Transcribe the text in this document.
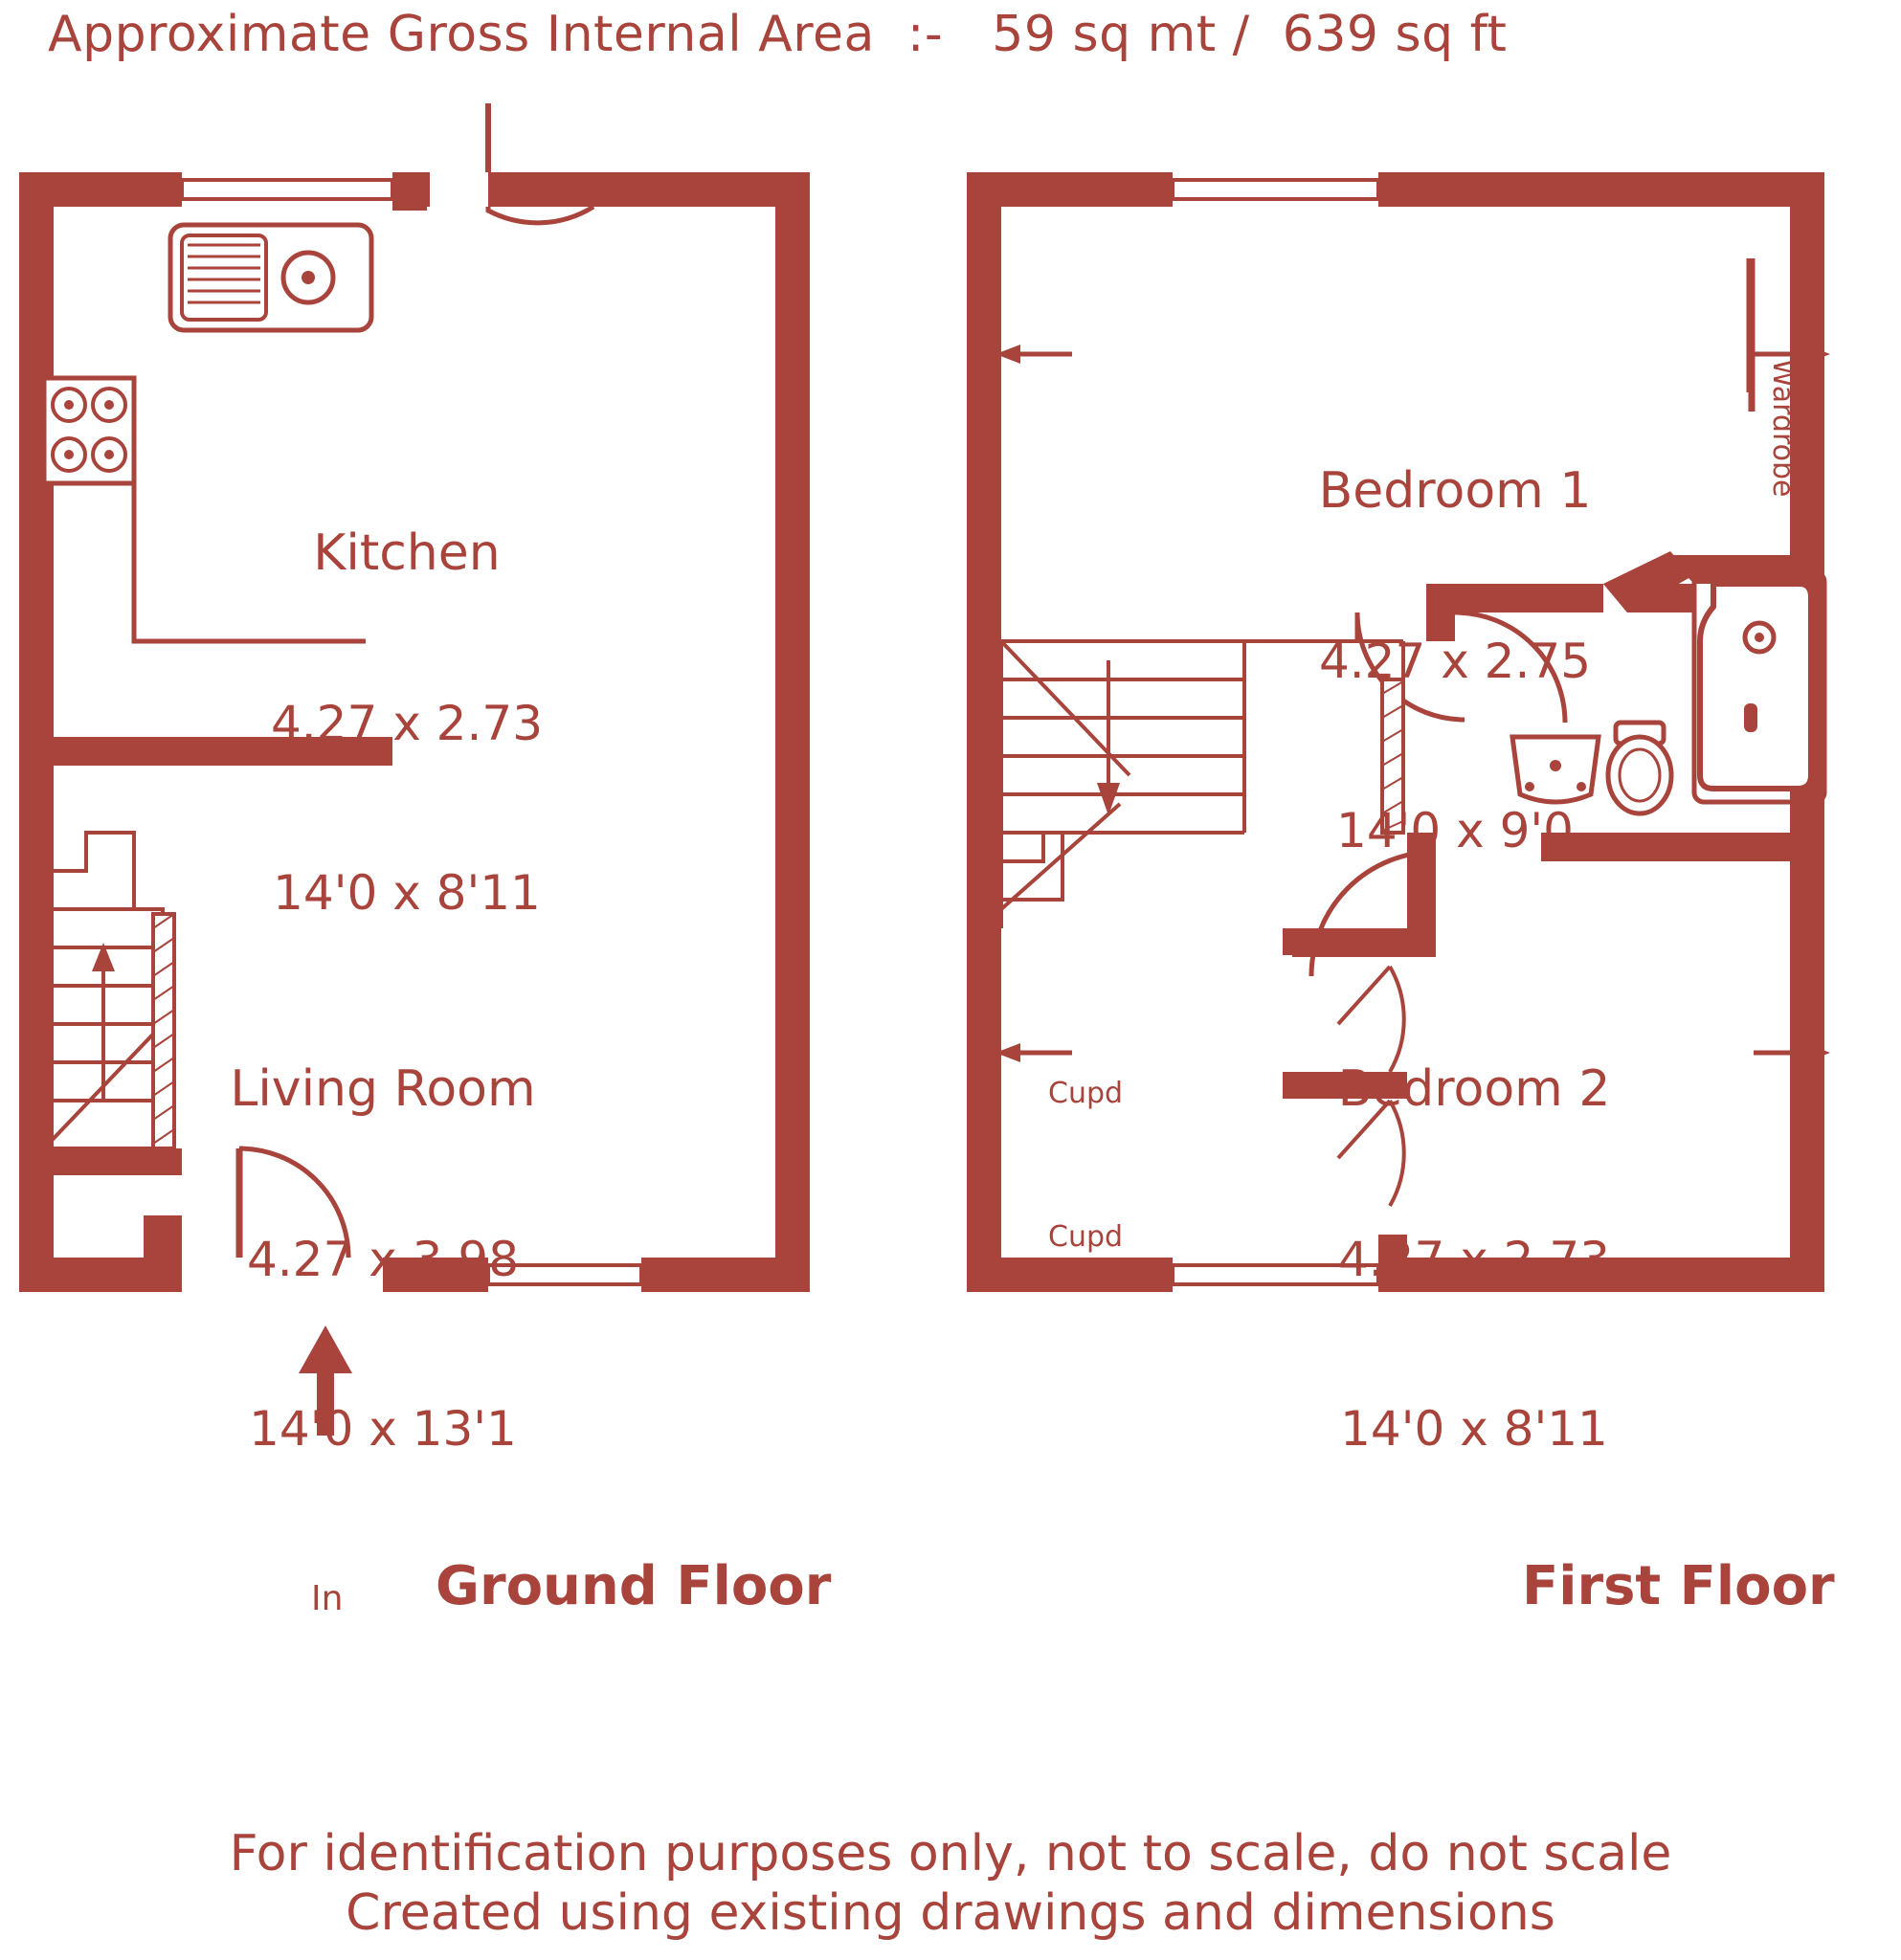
Approximate Gross Internal Area  :-   59 sq mt /  639 sq ft

Kitchen

4.27 x 2.73

14'0 x 8'11

Living Room

4.27 x 3.98

14'0 x 13'1

In Ground Floor

Bedroom 1

4.27 x 2.75

14'0 x 9'0

Bedroom 2

4.27 x 2.73

14'0 x 8'11

Wardrobe
Cupd
Cupd
First Floor
For identification purposes only, not to scale, do not scale
Created using existing drawings and dimensions
